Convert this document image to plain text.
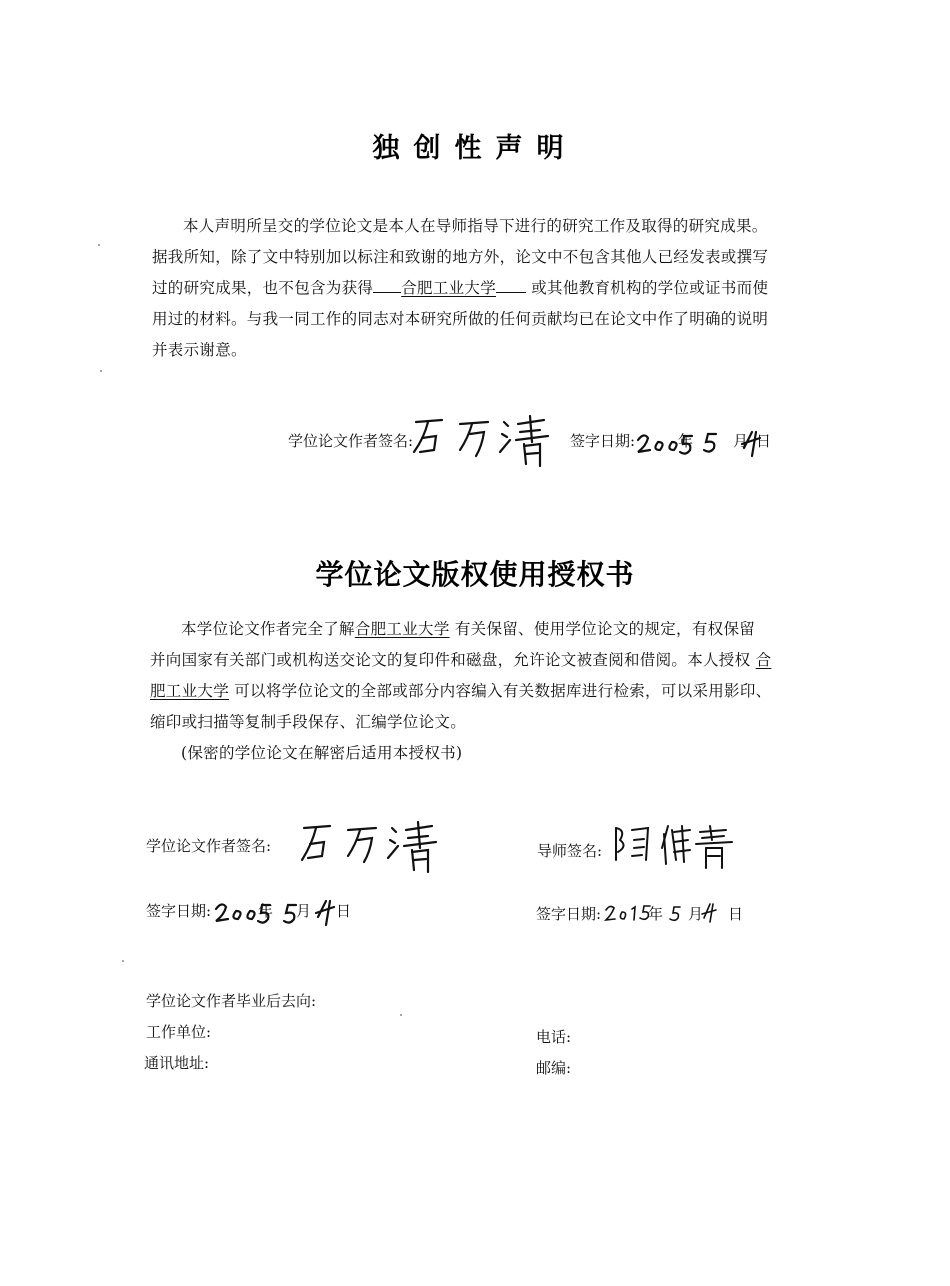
独创性声明
本人声明所呈交的学位论文是本人在导师指导下进行的研究工作及取得的研究成果。
据我所知，除了文中特别加以标注和致谢的地方外，论文中不包含其他人已经发表或撰写
过的研究成果，也不包含为获得 合肥工业大学 或其他教育机构的学位或证书而使
用过的材料。与我一同工作的同志对本研究所做的任何贡献均已在论文中作了明确的说明
并表示谢意。
学位论文作者签名:	签字日期:	年	月 日
学位论文版权使用授权书
本学位论文作者完全了解合肥工业大学 有关保留、使用学位论文的规定，有权保留
并向国家有关部门或机构送交论文的复印件和磁盘，允许论文被查阅和借阅。本人授权 合
肥工业大学 可以将学位论文的全部或部分内容编入有关数据库进行检索，可以采用影印、
缩印或扫描等复制手段保存、汇编学位论文。
(保密的学位论文在解密后适用本授权书)
学位论文作者签名:	导师签名:
签字日期:	年 月 日	签字日期:	年 月 日
学位论文作者毕业后去向:
工作单位:	电话:
通讯地址:	邮编:
